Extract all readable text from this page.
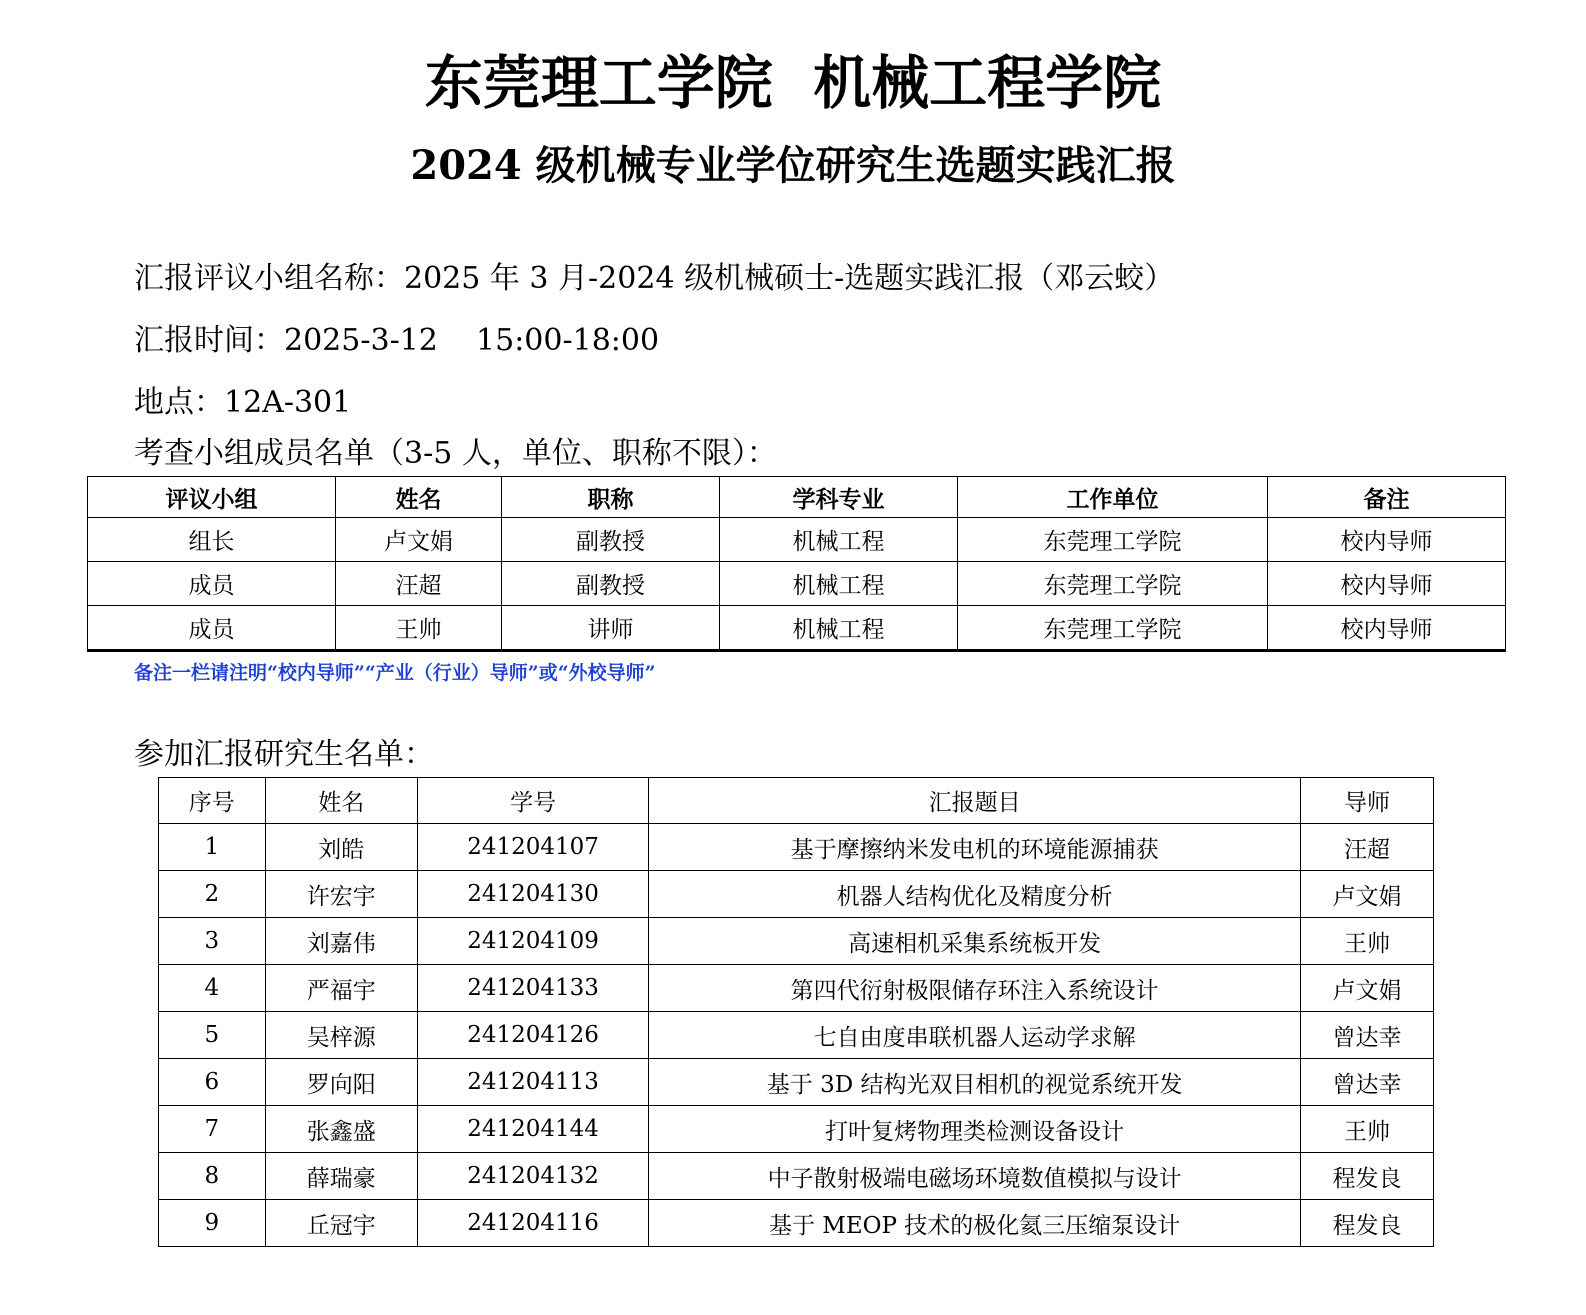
东莞理工学院  机械工程学院
2024 级机械专业学位研究生选题实践汇报
汇报评议小组名称：2025 年 3 月-2024 级机械硕士-选题实践汇报（邓云蛟）
汇报时间：2025-3-12    15:00-18:00
地点：12A-301
考查小组成员名单（3-5 人，单位、职称不限）：
评议小组	姓名	职称	学科专业	工作单位	备注
组长	卢文娟	副教授	机械工程	东莞理工学院	校内导师
成员	汪超	副教授	机械工程	东莞理工学院	校内导师
成员	王帅	讲师	机械工程	东莞理工学院	校内导师
备注一栏请注明“校内导师”“产业（行业）导师”或“外校导师”
参加汇报研究生名单：
序号	姓名	学号	汇报题目	导师
1	刘皓	241204107	基于摩擦纳米发电机的环境能源捕获	汪超
2	许宏宇	241204130	机器人结构优化及精度分析	卢文娟
3	刘嘉伟	241204109	高速相机采集系统板开发	王帅
4	严福宇	241204133	第四代衍射极限储存环注入系统设计	卢文娟
5	吴梓源	241204126	七自由度串联机器人运动学求解	曾达幸
6	罗向阳	241204113	基于 3D 结构光双目相机的视觉系统开发	曾达幸
7	张鑫盛	241204144	打叶复烤物理类检测设备设计	王帅
8	薛瑞豪	241204132	中子散射极端电磁场环境数值模拟与设计	程发良
9	丘冠宇	241204116	基于 MEOP 技术的极化氦三压缩泵设计	程发良
